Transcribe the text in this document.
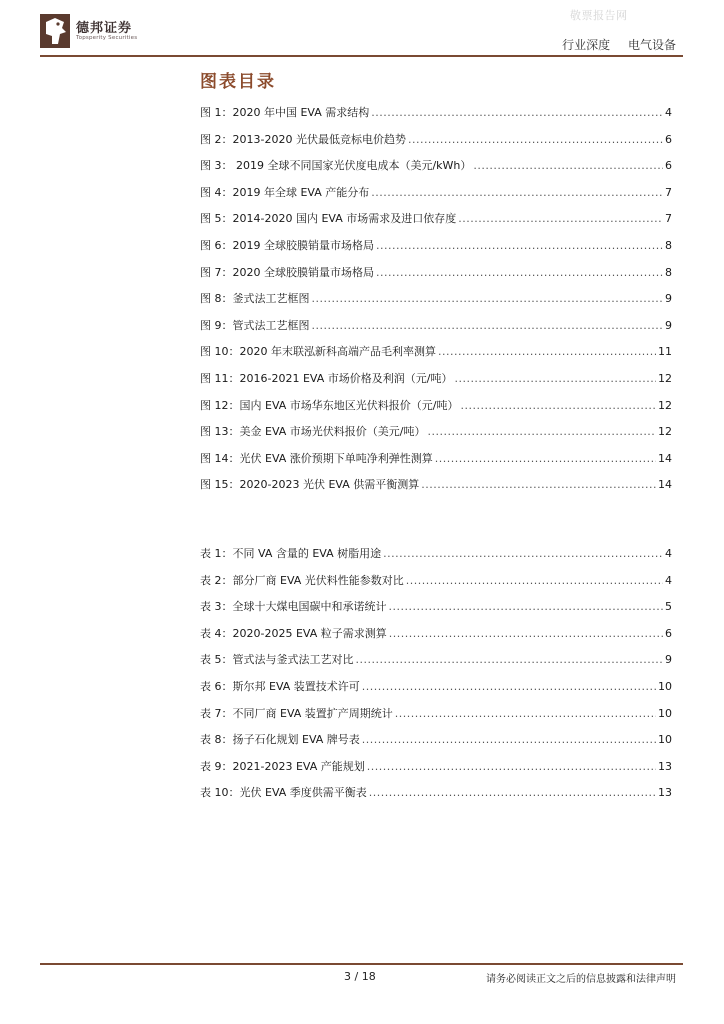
敬票报告网
德邦证券
Topsperity Securities	行业深度 电气设备
图表目录
图 1：2020 年中国 EVA 需求结构 .....	4
图 2：2013-2020 光伏最低竞标电价趋势 .....	6
图 3： 2019 全球不同国家光伏度电成本（美元/kWh） .....	6
图 4：2019 年全球 EVA 产能分布 .....	7
图 5：2014-2020 国内 EVA 市场需求及进口依存度 .....	7
图 6：2019 全球胶膜销量市场格局 .....	8
图 7：2020 全球胶膜销量市场格局 .....	8
图 8：釜式法工艺框图 .....	9
图 9：管式法工艺框图 .....	9
图 10：2020 年末联泓新科高端产品毛利率测算 .....	11
图 11：2016-2021 EVA 市场价格及利润（元/吨） .....	12
图 12：国内 EVA 市场华东地区光伏料报价（元/吨） .....	12
图 13：美金 EVA 市场光伏料报价（美元/吨） .....	12
图 14：光伏 EVA 涨价预期下单吨净利弹性测算 .....	14
图 15：2020-2023 光伏 EVA 供需平衡测算 .....	14
表 1：不同 VA 含量的 EVA 树脂用途 .....	4
表 2：部分厂商 EVA 光伏料性能参数对比 .....	4
表 3：全球十大煤电国碳中和承诺统计 .....	5
表 4：2020-2025 EVA 粒子需求测算 .....	6
表 5：管式法与釜式法工艺对比 .....	9
表 6：斯尔邦 EVA 装置技术许可 .....	10
表 7：不同厂商 EVA 装置扩产周期统计 .....	10
表 8：扬子石化规划 EVA 牌号表 .....	10
表 9：2021-2023 EVA 产能规划 .....	13
表 10：光伏 EVA 季度供需平衡表 .....	13
3 / 18	请务必阅读正文之后的信息披露和法律声明
